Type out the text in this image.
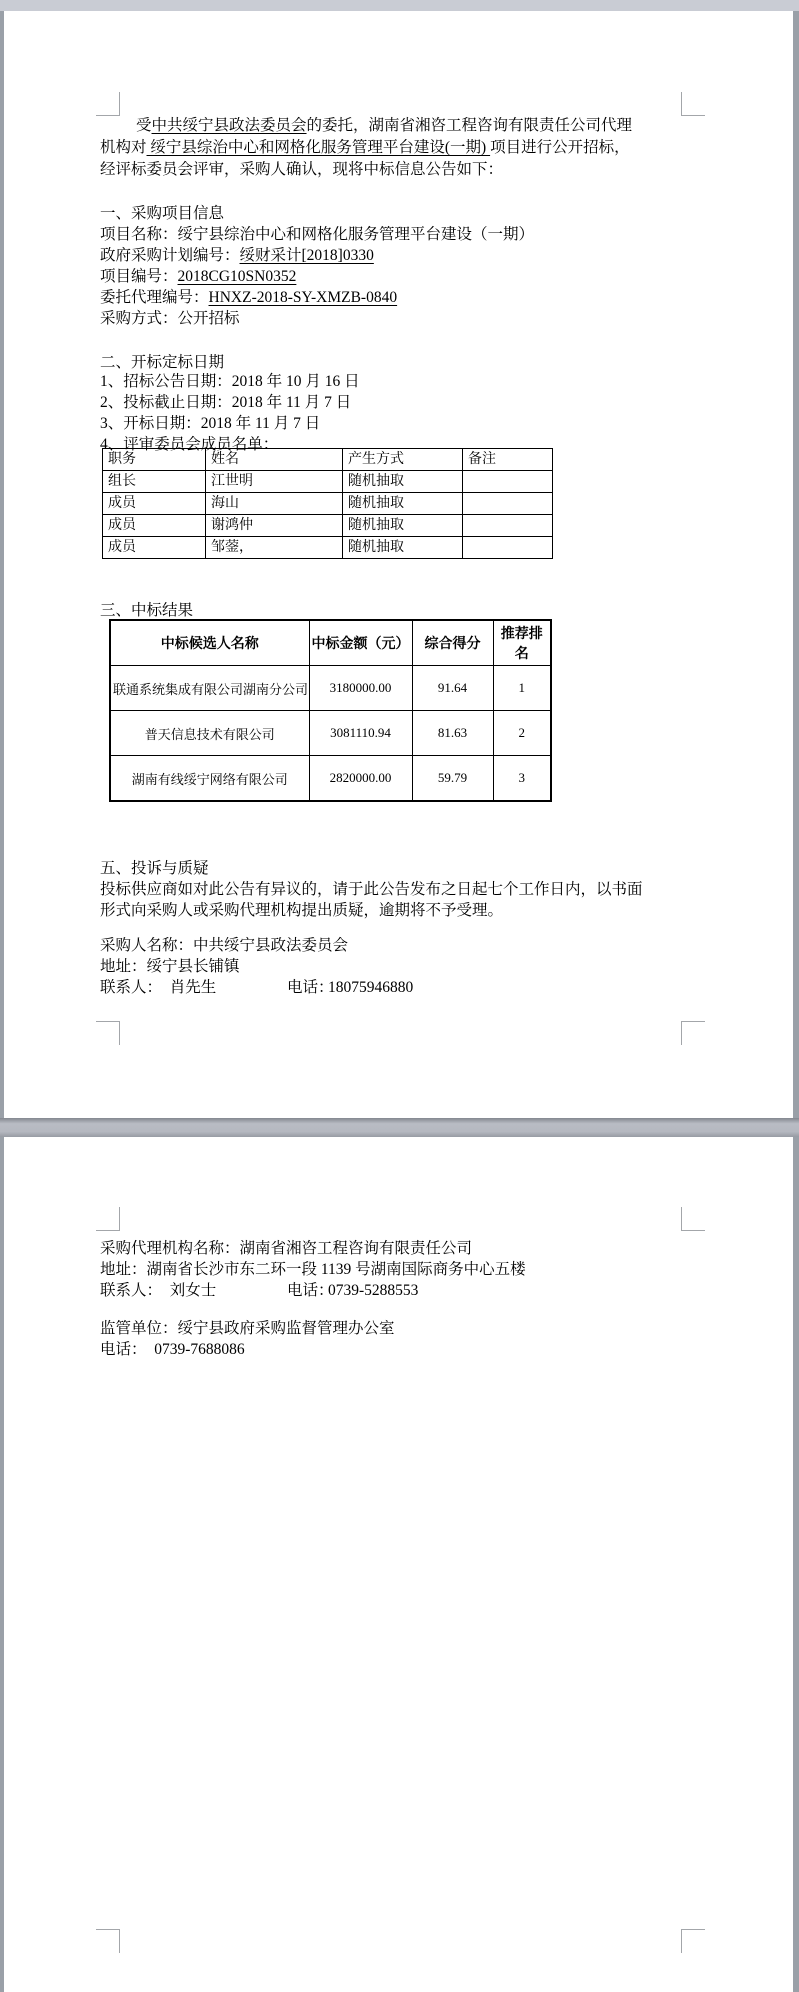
受中共绥宁县政法委员会的委托，湖南省湘咨工程咨询有限责任公司代理
机构对 绥宁县综治中心和网格化服务管理平台建设(一期) 项目进行公开招标，
经评标委员会评审，采购人确认，现将中标信息公告如下：
一、采购项目信息
项目名称：绥宁县综治中心和网格化服务管理平台建设（一期）
政府采购计划编号：绥财采计[2018]0330
项目编号：2018CG10SN0352
委托代理编号：HNXZ-2018-SY-XMZB-0840
采购方式：公开招标
二、开标定标日期
1、招标公告日期：2018 年 10 月 16 日
2、投标截止日期：2018 年 11 月 7 日
3、开标日期：2018 年 11 月 7 日
4、评审委员会成员名单：
职务	姓名	产生方式	备注
组长	江世明	随机抽取	
成员	海山	随机抽取	
成员	谢鸿仲	随机抽取	
成员	邹蓥，	随机抽取	
三、中标结果
中标候选人名称	中标金额（元）	综合得分	推荐排名
联通系统集成有限公司湖南分公司	3180000.00	91.64	1
普天信息技术有限公司	3081110.94	81.63	2
湖南有线绥宁网络有限公司	2820000.00	59.79	3
五、投诉与质疑
投标供应商如对此公告有异议的，请于此公告发布之日起七个工作日内，以书面
形式向采购人或采购代理机构提出质疑，逾期将不予受理。
采购人名称：中共绥宁县政法委员会
地址：绥宁县长铺镇
联系人：　肖先生	电话：
18075946880
采购代理机构名称：湖南省湘咨工程咨询有限责任公司
地址：湖南省长沙市东二环一段 1139 号湖南国际商务中心五楼
联系人：　刘女士	电话：
0739-5288553
监管单位：绥宁县政府采购监督管理办公室
电话：　0739-7688086
